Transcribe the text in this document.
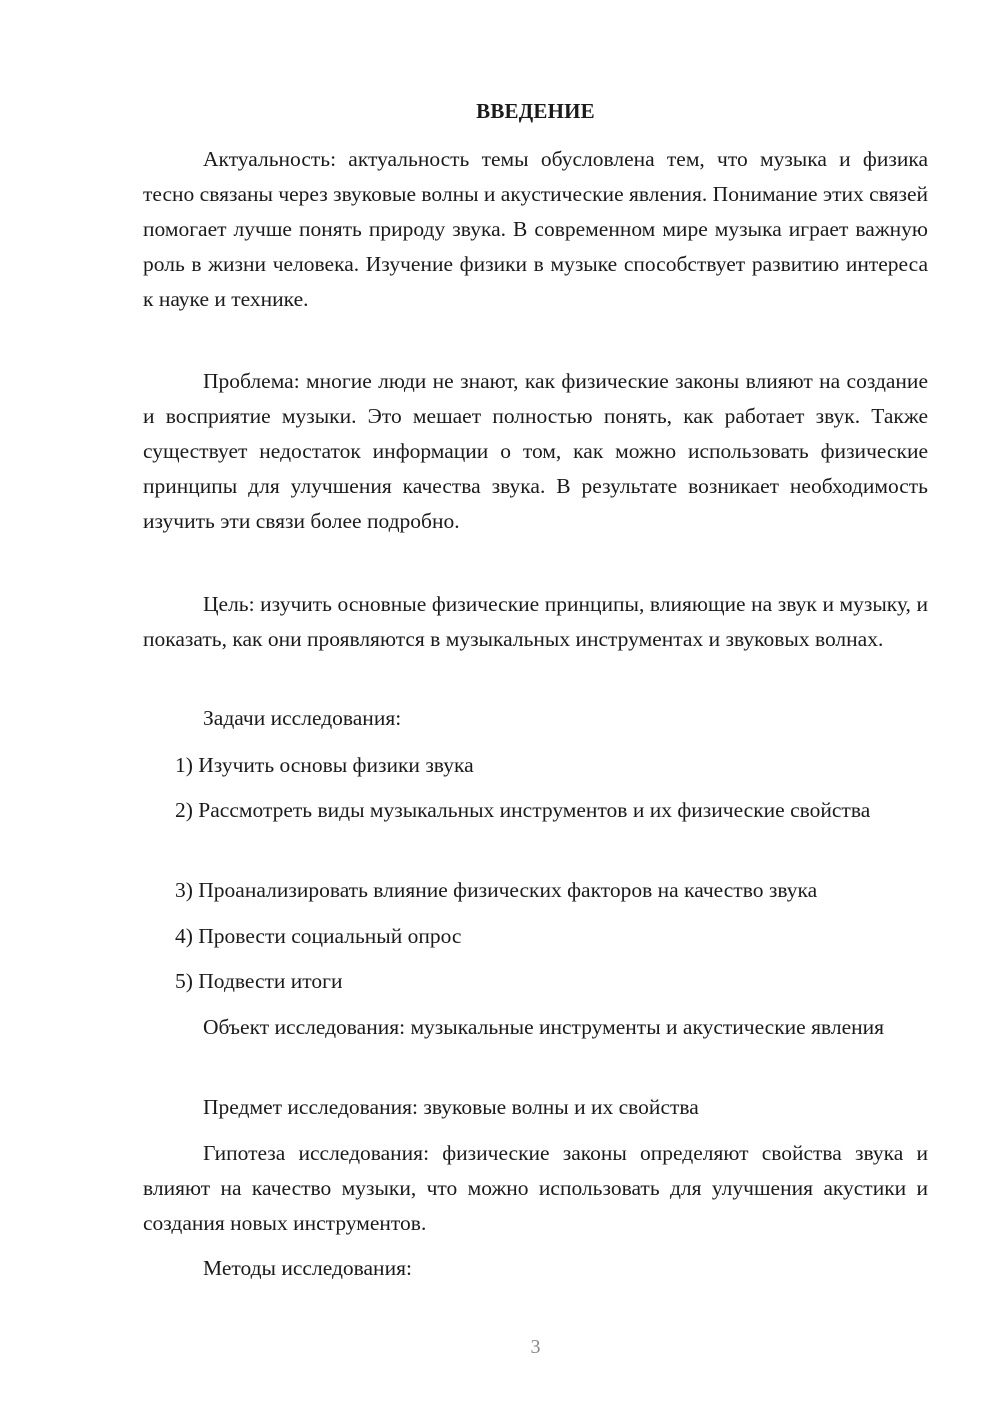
ВВЕДЕНИЕ

Актуальность: актуальность темы обусловлена тем, что музыка и физика тесно связаны через звуковые волны и акустические явления. Понимание этих связей помогает лучше понять природу звука. В современном мире музыка играет важную роль в жизни человека. Изучение физики в музыке способствует развитию интереса к науке и технике.

Проблема: многие люди не знают, как физические законы влияют на создание и восприятие музыки. Это мешает полностью понять, как работает звук. Также существует недостаток информации о том, как можно использовать физические принципы для улучшения качества звука. В результате возникает необходимость изучить эти связи более подробно.

Цель: изучить основные физические принципы, влияющие на звук и музыку, и показать, как они проявляются в музыкальных инструментах и звуковых волнах.

Задачи исследования:

1) Изучить основы физики звука

2) Рассмотреть виды музыкальных инструментов и их физические свойства

3) Проанализировать влияние физических факторов на качество звука

4) Провести социальный опрос

5) Подвести итоги

Объект исследования: музыкальные инструменты и акустические явления

Предмет исследования: звуковые волны и их свойства

Гипотеза исследования: физические законы определяют свойства звука и влияют на качество музыки, что можно использовать для улучшения акустики и создания новых инструментов.

Методы исследования:

3
